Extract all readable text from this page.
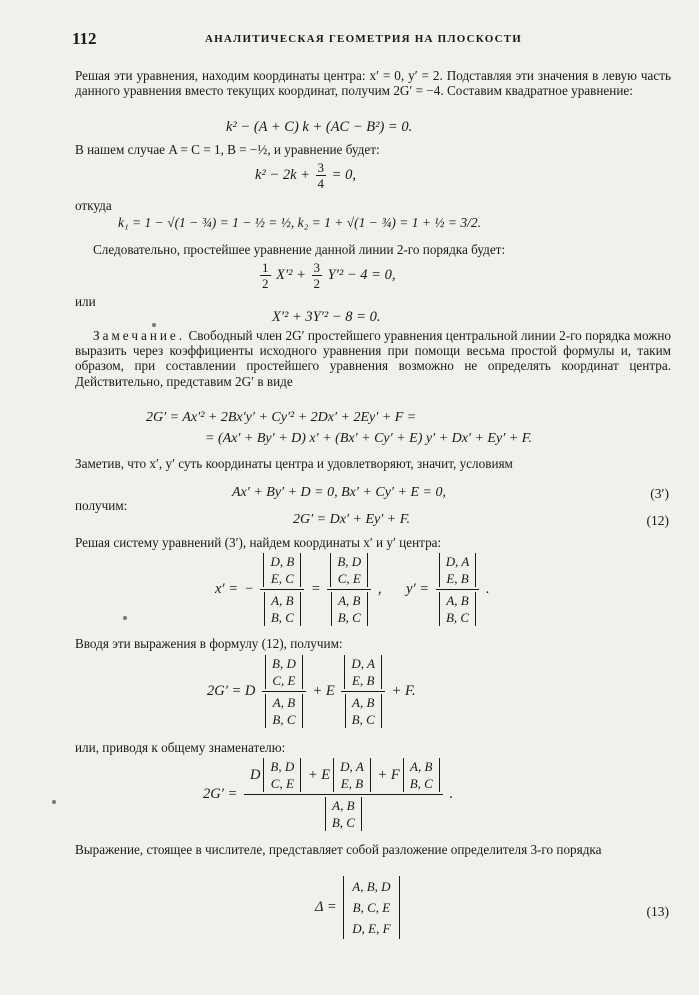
112	АНАЛИТИЧЕСКАЯ ГЕОМЕТРИЯ НА ПЛОСКОСТИ
Решая эти уравнения, находим координаты центра: x′ = 0, y′ = 2. Подставляя эти значения в левую часть данного уравнения вместо текущих координат, получим 2G′ = −4. Составим квадратное уравнение:
k² − (A + C) k + (AC − B²) = 0.
В нашем случае A = C = 1, B = −½, и уравнение будет:
$k^2 - 2k + \frac{3}{4} = 0$,
откуда
k₁ = 1 − √(1 − ¾) = 1 − ½ = ½, k₂ = 1 + √(1 − ¾) = 1 + ½ = 3/2.
Следовательно, простейшее уравнение данной линии 2-го порядка будет:
$\frac{1}{2} X'^2 + \frac{3}{2} Y'^2 - 4 = 0$,
или
X′² + 3Y′² − 8 = 0.
Замечание. Свободный член 2G′ простейшего уравнения центральной линии 2-го порядка можно выразить через коэффициенты исходного уравнения при помощи весьма простой формулы и, таким образом, при составлении простейшего уравнения возможно не определять координат центра. Действительно, представим 2G′ в виде
2G′ = Ax′² + 2Bx′y′ + Cy′² + 2Dx′ + 2Ey′ + F =
= (Ax′ + By′ + D) x′ + (Bx′ + Cy′ + E) y′ + Dx′ + Ey′ + F.
Заметив, что x′, y′ суть координаты центра и удовлетворяют, значит, условиям
Ax′ + By′ + D = 0, Bx′ + Cy′ + E = 0,	(3′)
получим:
2G′ = Dx′ + Ey′ + F.	(12)
Решая систему уравнений (3′), найдем координаты x′ и y′ центра:
x′ = − D, B
E, C
A, B
B, C = B, D
C, E
A, B
B, C , y′ = D, A
E, B
A, B
B, C .
Вводя эти выражения в формулу (12), получим:
2G′ = D B, D
C, E
A, B
B, C + E D, A
E, B
A, B
B, C + F.
или, приводя к общему знаменателю:
2G′ = D B, D
C, E
+ E D, A
E, B
+ F A, B
B, C
A, B
B, C .
Выражение, стоящее в числителе, представляет собой разложение определителя 3-го порядка
Δ =
A, B, D
B, C, E
D, E, F
(13)
